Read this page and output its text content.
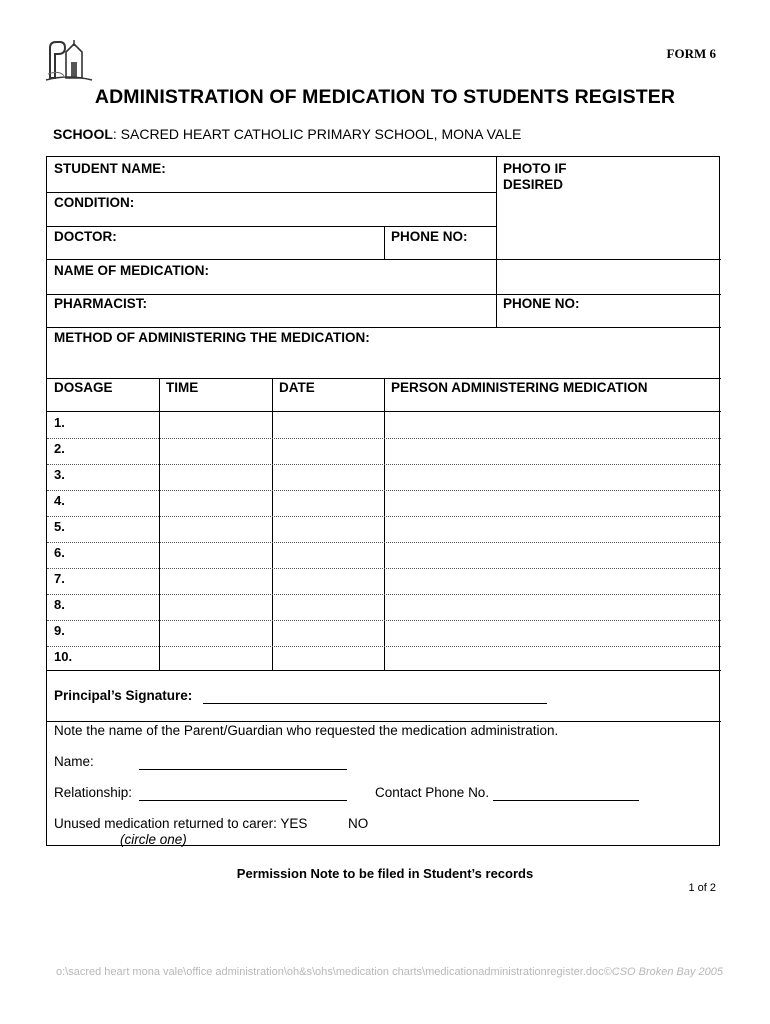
FORM 6
ADMINISTRATION OF MEDICATION TO STUDENTS REGISTER
SCHOOL: SACRED HEART CATHOLIC PRIMARY SCHOOL, MONA VALE
STUDENT NAME:	PHOTO IF
DESIRED
CONDITION:
DOCTOR:	PHONE NO:
NAME OF MEDICATION:
PHARMACIST:	PHONE NO:
METHOD OF ADMINISTERING THE MEDICATION:
DOSAGE	TIME	DATE	PERSON ADMINISTERING MEDICATION
1.
2.
3.
4.
5.
6.
7.
8.
9.
10.
Principal’s Signature:
Note the name of the Parent/Guardian who requested the medication administration.
Name:
Relationship:	Contact Phone No.
Unused medication returned to carer: YES	NO
(circle one)
Permission Note to be filed in Student’s records
1 of 2
o:\sacred heart mona vale\office administration\oh&s\ohs\medication charts\medicationadministrationregister.doc©CSO Broken Bay 2005
